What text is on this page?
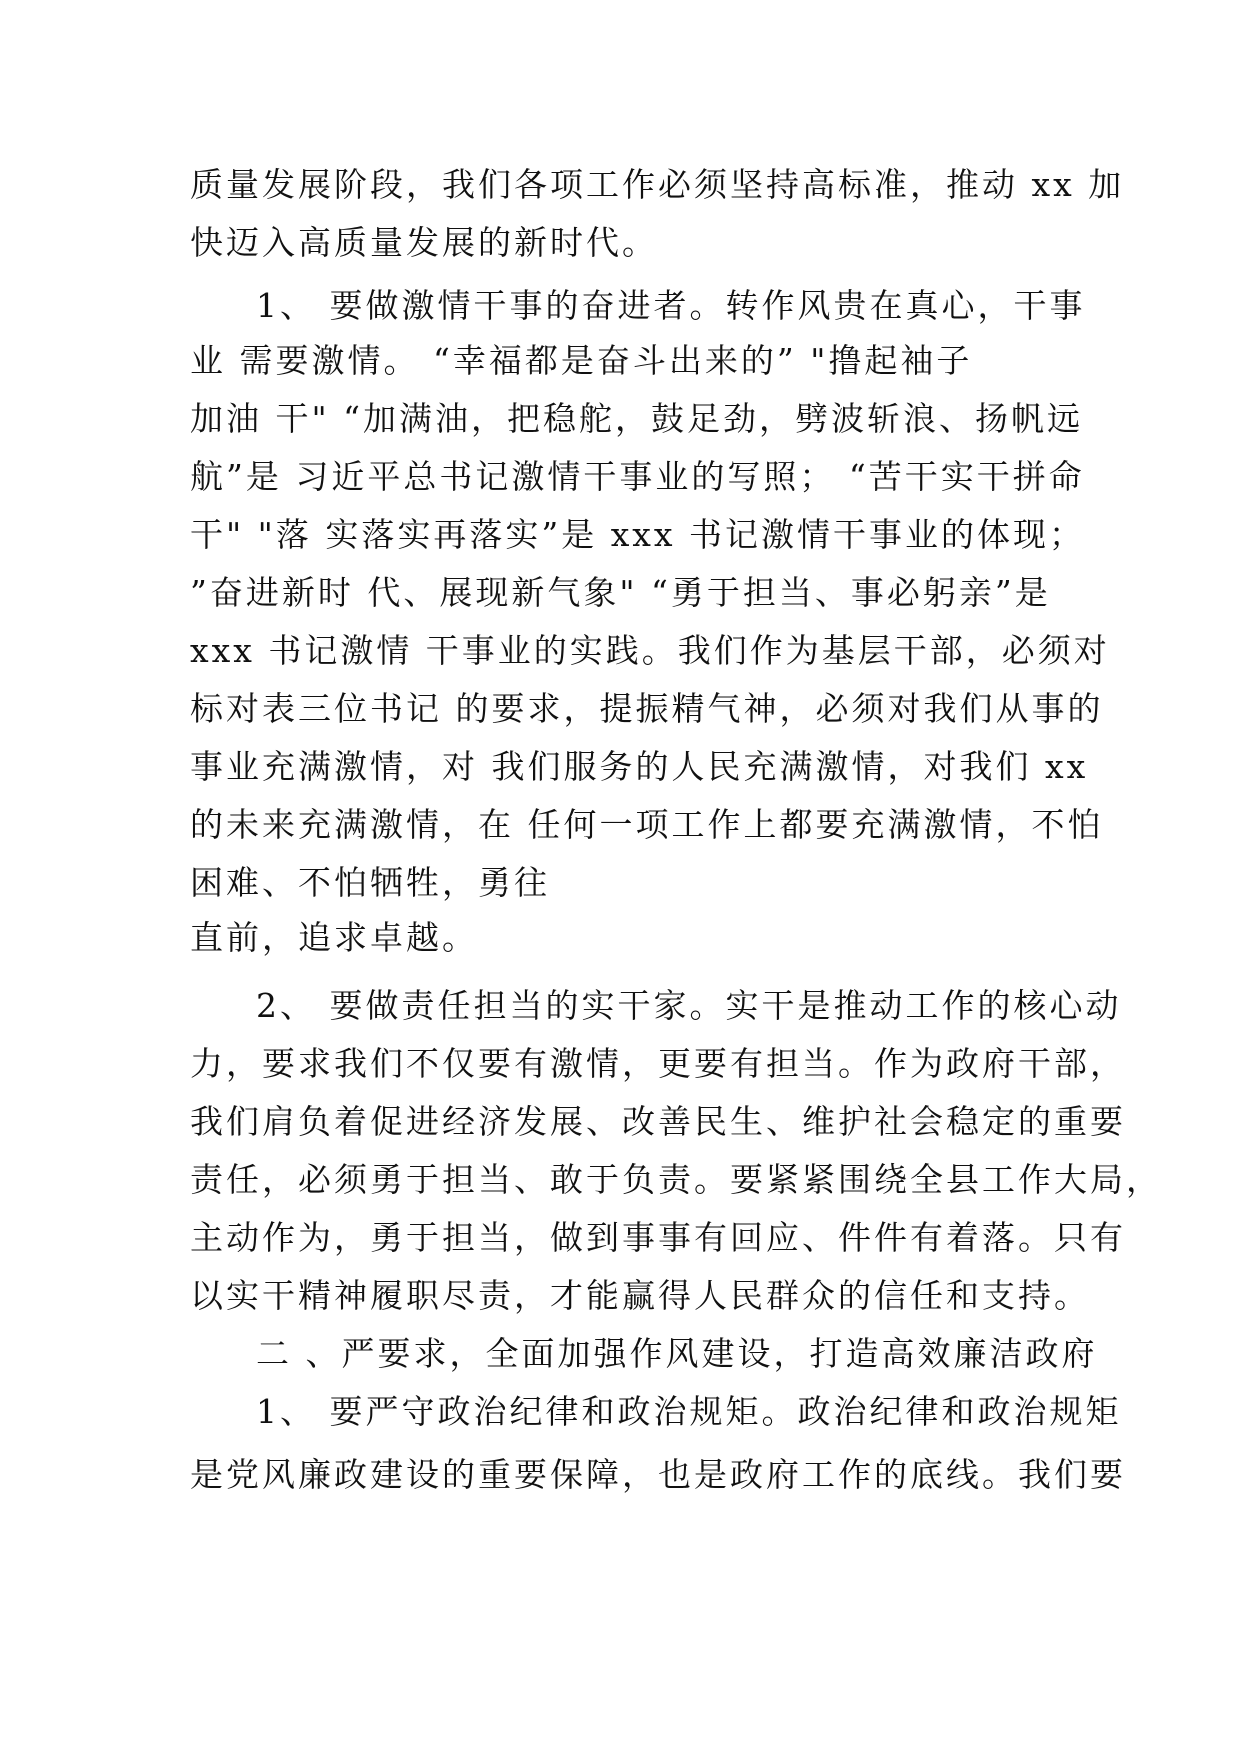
质量发展阶段，我们各项工作必须坚持高标准，推动 xx 加
快迈入高质量发展的新时代。
1、 要做激情干事的奋进者。转作风贵在真心，干事
业 需要激情。 “幸福都是奋斗出来的” "撸起袖子
加油 干" “加满油，把稳舵，鼓足劲，劈波斩浪、扬帆远
航”是 习近平总书记激情干事业的写照； “苦干实干拼命
干" "落 实落实再落实”是 xxx 书记激情干事业的体现；
”奋进新时 代、展现新气象" “勇于担当、事必躬亲”是
xxx 书记激情 干事业的实践。我们作为基层干部，必须对
标对表三位书记 的要求，提振精气神，必须对我们从事的
事业充满激情，对 我们服务的人民充满激情，对我们 xx
的未来充满激情，在 任何一项工作上都要充满激情，不怕
困难、不怕牺牲，勇往
直前，追求卓越。
2、 要做责任担当的实干家。实干是推动工作的核心动
力，要求我们不仅要有激情，更要有担当。作为政府干部，
我们肩负着促进经济发展、改善民生、维护社会稳定的重要
责任，必须勇于担当、敢于负责。要紧紧围绕全县工作大局，
主动作为，勇于担当，做到事事有回应、件件有着落。只有
以实干精神履职尽责，才能赢得人民群众的信任和支持。
二 、严要求，全面加强作风建设，打造高效廉洁政府
1、 要严守政治纪律和政治规矩。政治纪律和政治规矩
是党风廉政建设的重要保障，也是政府工作的底线。我们要
